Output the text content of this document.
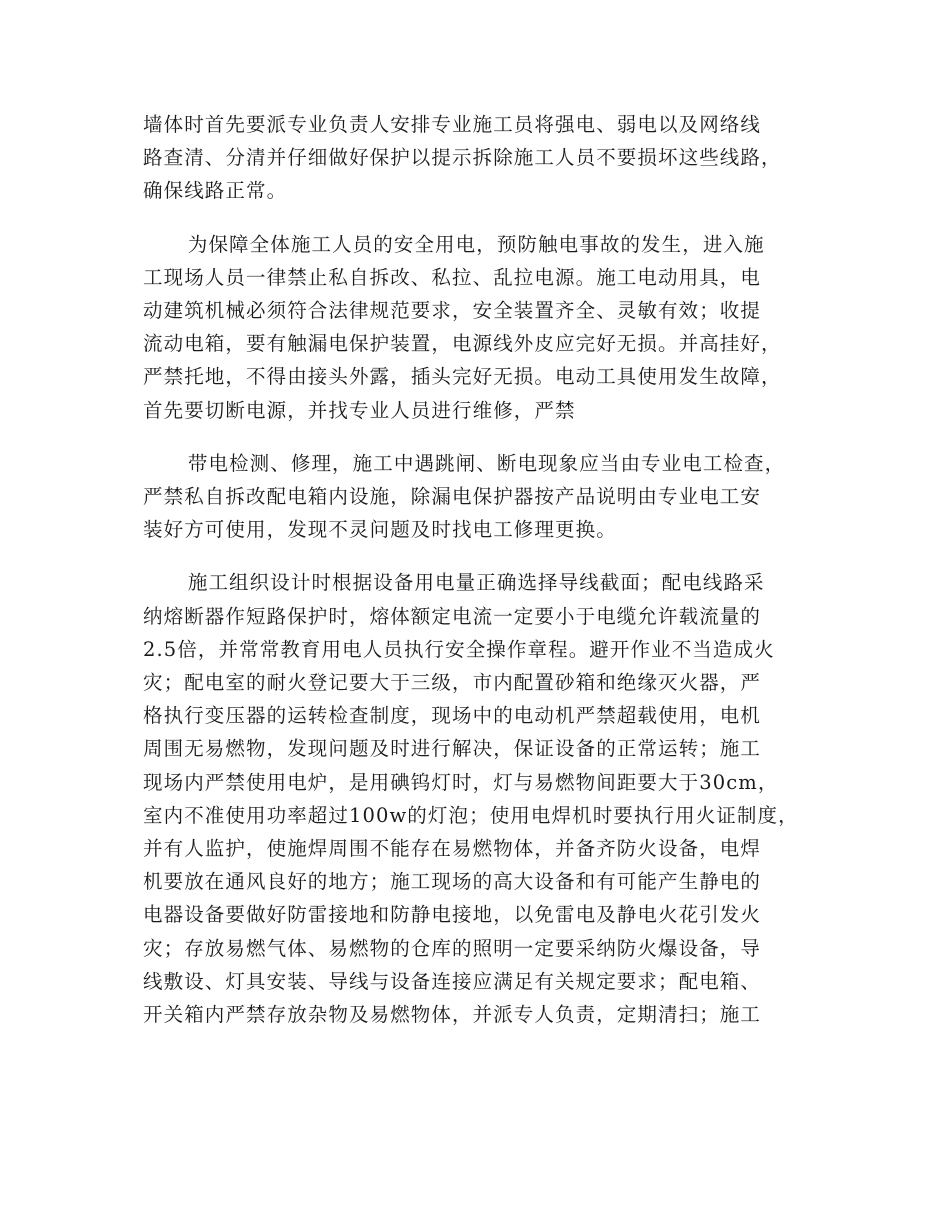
墙体时首先要派专业负责人安排专业施工员将强电、弱电以及网络线
路查清、分清并仔细做好保护以提示拆除施工人员不要损坏这些线路，
确保线路正常。

为保障全体施工人员的安全用电，预防触电事故的发生，进入施
工现场人员一律禁止私自拆改、私拉、乱拉电源。施工电动用具，电
动建筑机械必须符合法律规范要求，安全装置齐全、灵敏有效；收提
流动电箱，要有触漏电保护装置，电源线外皮应完好无损。并高挂好，
严禁托地，不得由接头外露，插头完好无损。电动工具使用发生故障，
首先要切断电源，并找专业人员进行维修，严禁

带电检测、修理，施工中遇跳闸、断电现象应当由专业电工检查，
严禁私自拆改配电箱内设施，除漏电保护器按产品说明由专业电工安
装好方可使用，发现不灵问题及时找电工修理更换。

施工组织设计时根据设备用电量正确选择导线截面；配电线路采
纳熔断器作短路保护时，熔体额定电流一定要小于电缆允许载流量的
2.5倍，并常常教育用电人员执行安全操作章程。避开作业不当造成火
灾；配电室的耐火登记要大于三级，市内配置砂箱和绝缘灭火器，严
格执行变压器的运转检查制度，现场中的电动机严禁超载使用，电机
周围无易燃物，发现问题及时进行解决，保证设备的正常运转；施工
现场内严禁使用电炉，是用碘钨灯时，灯与易燃物间距要大于30cm，
室内不准使用功率超过100w的灯泡；使用电焊机时要执行用火证制度，
并有人监护，使施焊周围不能存在易燃物体，并备齐防火设备，电焊
机要放在通风良好的地方；施工现场的高大设备和有可能产生静电的
电器设备要做好防雷接地和防静电接地，以免雷电及静电火花引发火
灾；存放易燃气体、易燃物的仓库的照明一定要采纳防火爆设备，导
线敷设、灯具安装、导线与设备连接应满足有关规定要求；配电箱、
开关箱内严禁存放杂物及易燃物体，并派专人负责，定期清扫；施工
